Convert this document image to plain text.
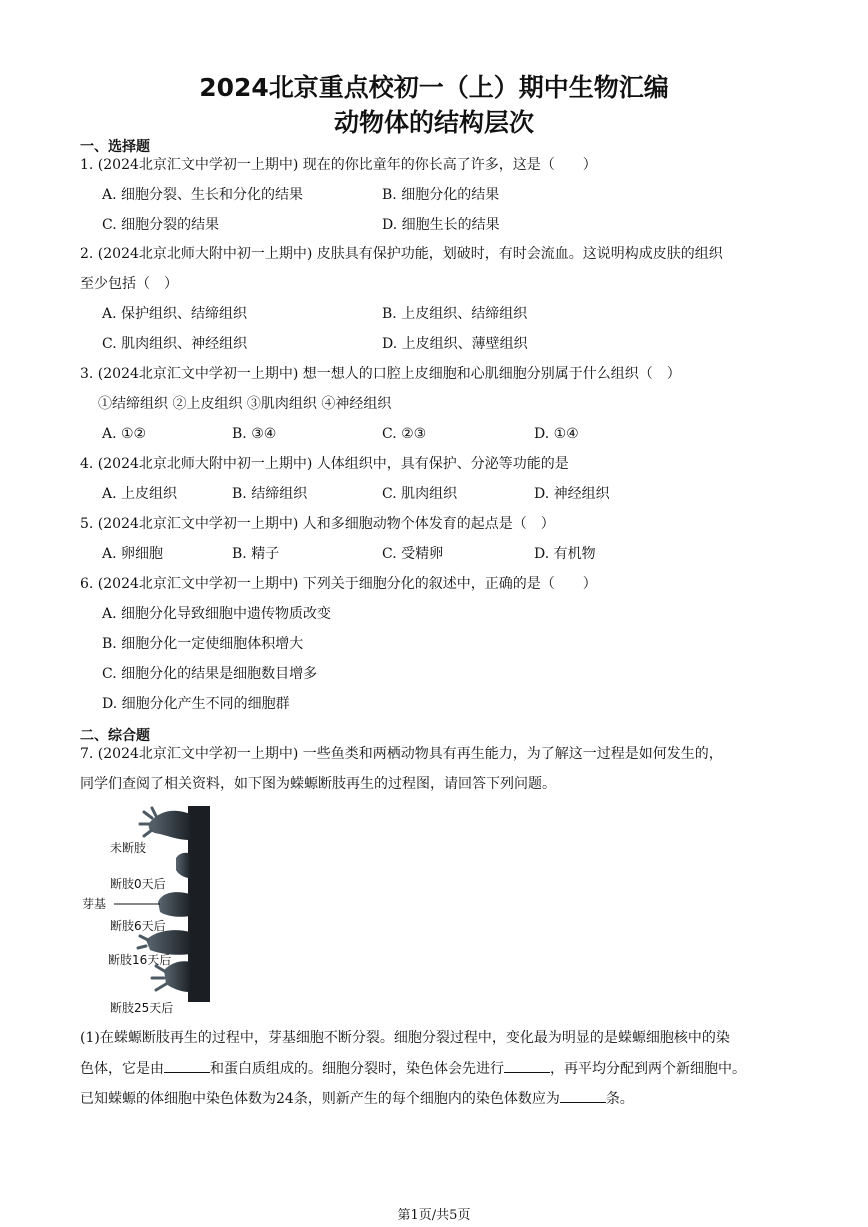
2024北京重点校初一（上）期中生物汇编
动物体的结构层次
一、选择题
1. (2024北京汇文中学初一上期中) 现在的你比童年的你长高了许多，这是（　　）
A. 细胞分裂、生长和分化的结果	B. 细胞分化的结果
C. 细胞分裂的结果	D. 细胞生长的结果
2. (2024北京北师大附中初一上期中) 皮肤具有保护功能，划破时，有时会流血。这说明构成皮肤的组织
至少包括（　）
A. 保护组织、结缔组织	B. 上皮组织、结缔组织
C. 肌肉组织、神经组织	D. 上皮组织、薄壁组织
3. (2024北京汇文中学初一上期中) 想一想人的口腔上皮细胞和心肌细胞分别属于什么组织（　）
①结缔组织 ②上皮组织 ③肌肉组织 ④神经组织
A. ①②	B. ③④	C. ②③	D. ①④
4. (2024北京北师大附中初一上期中) 人体组织中，具有保护、分泌等功能的是
A. 上皮组织	B. 结缔组织	C. 肌肉组织	D. 神经组织
5. (2024北京汇文中学初一上期中) 人和多细胞动物个体发育的起点是（　）
A. 卵细胞	B. 精子	C. 受精卵	D. 有机物
6. (2024北京汇文中学初一上期中) 下列关于细胞分化的叙述中，正确的是（　　）
A. 细胞分化导致细胞中遗传物质改变
B. 细胞分化一定使细胞体积增大
C. 细胞分化的结果是细胞数目增多
D. 细胞分化产生不同的细胞群
二、综合题
7. (2024北京汇文中学初一上期中) 一些鱼类和两栖动物具有再生能力，为了解这一过程是如何发生的，
同学们查阅了相关资料，如下图为蝾螈断肢再生的过程图，请回答下列问题。
未断肢
断肢0天后
芽基
断肢6天后
断肢16天后
断肢25天后
(1)在蝾螈断肢再生的过程中，芽基细胞不断分裂。细胞分裂过程中，变化最为明显的是蝾螈细胞核中的染
色体，它是由	和蛋白质组成的。细胞分裂时，染色体会先进行	，再平均分配到两个新细胞中。
已知蝾螈的体细胞中染色体数为24条，则新产生的每个细胞内的染色体数应为	条。
第1页/共5页
